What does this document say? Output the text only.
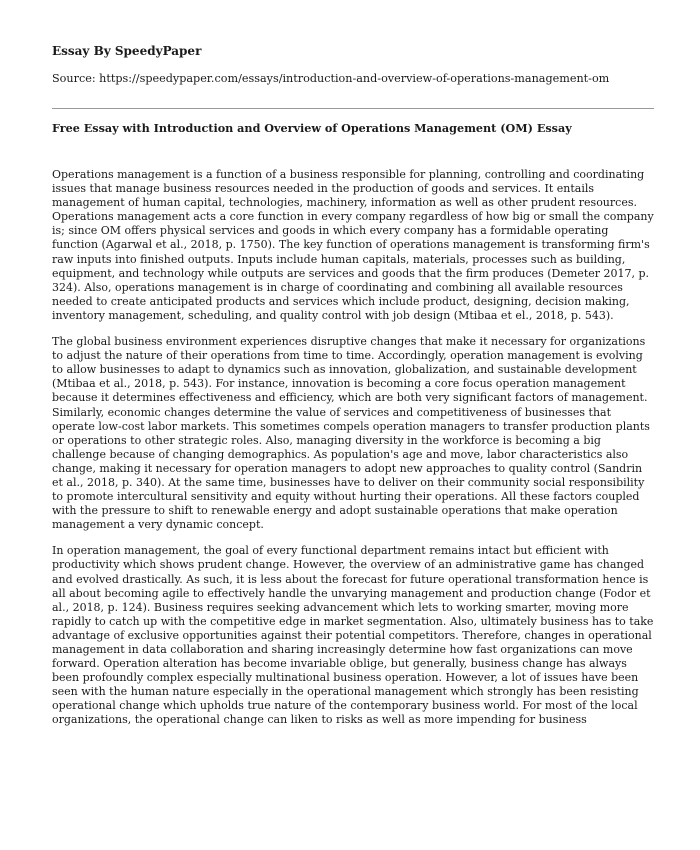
Essay By SpeedyPaper

Source: https://speedypaper.com/essays/introduction-and-overview-of-operations-management-om

Free Essay with Introduction and Overview of Operations Management (OM) Essay

Operations management is a function of a business responsible for planning, controlling and coordinating issues that manage business resources needed in the production of goods and services. It entails management of human capital, technologies, machinery, information as well as other prudent resources. Operations management acts a core function in every company regardless of how big or small the company is; since OM offers physical services and goods in which every company has a formidable operating function (Agarwal et al., 2018, p. 1750). The key function of operations management is transforming firm's raw inputs into finished outputs. Inputs include human capitals, materials, processes such as building, equipment, and technology while outputs are services and goods that the firm produces (Demeter 2017, p. 324). Also, operations management is in charge of coordinating and combining all available resources needed to create anticipated products and services which include product, designing, decision making, inventory management, scheduling, and quality control with job design (Mtibaa et el., 2018, p. 543).

The global business environment experiences disruptive changes that make it necessary for organizations to adjust the nature of their operations from time to time. Accordingly, operation management is evolving to allow businesses to adapt to dynamics such as innovation, globalization, and sustainable development (Mtibaa et al., 2018, p. 543). For instance, innovation is becoming a core focus operation management because it determines effectiveness and efficiency, which are both very significant factors of management. Similarly, economic changes determine the value of services and competitiveness of businesses that operate low-cost labor markets. This sometimes compels operation managers to transfer production plants or operations to other strategic roles. Also, managing diversity in the workforce is becoming a big challenge because of changing demographics. As population's age and move, labor characteristics also change, making it necessary for operation managers to adopt new approaches to quality control (Sandrin et al., 2018, p. 340). At the same time, businesses have to deliver on their community social responsibility to promote intercultural sensitivity and equity without hurting their operations. All these factors coupled with the pressure to shift to renewable energy and adopt sustainable operations that make operation management a very dynamic concept.

In operation management, the goal of every functional department remains intact but efficient with productivity which shows prudent change. However, the overview of an administrative game has changed and evolved drastically. As such, it is less about the forecast for future operational transformation hence is all about becoming agile to effectively handle the unvarying management and production change (Fodor et al., 2018, p. 124). Business requires seeking advancement which lets to working smarter, moving more rapidly to catch up with the competitive edge in market segmentation. Also, ultimately business has to take advantage of exclusive opportunities against their potential competitors. Therefore, changes in operational management in data collaboration and sharing increasingly determine how fast organizations can move forward. Operation alteration has become invariable oblige, but generally, business change has always been profoundly complex especially multinational business operation. However, a lot of issues have been seen with the human nature especially in the operational management which strongly has been resisting operational change which upholds true nature of the contemporary business world. For most of the local organizations, the operational change can liken to risks as well as more impending for business
